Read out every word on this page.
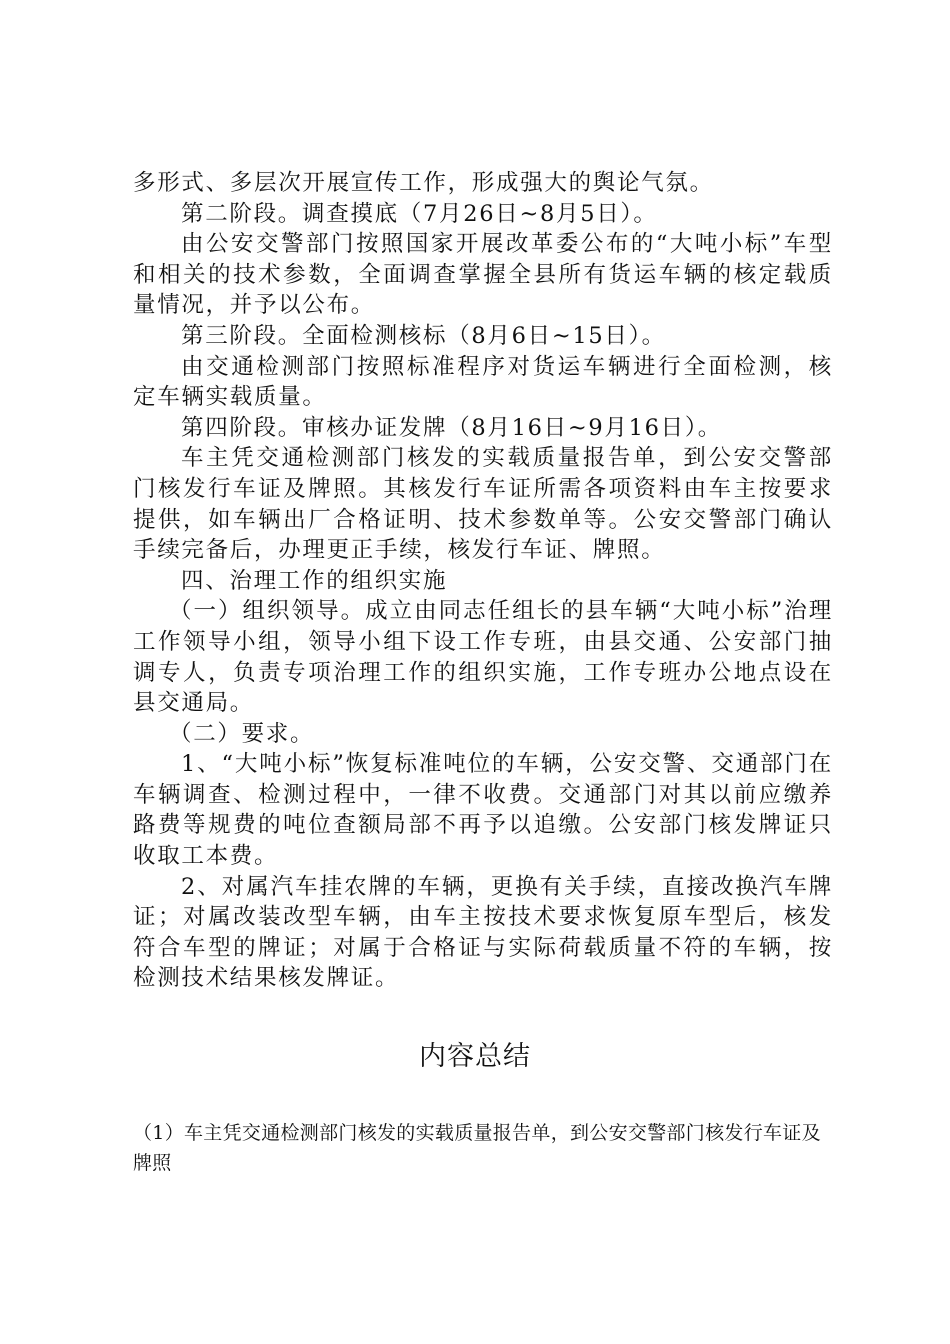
多形式、多层次开展宣传工作，形成强大的舆论气氛。

第二阶段。调查摸底（7月26日~8月5日）。

由公安交警部门按照国家开展改革委公布的“大吨小标”车型和相关的技术参数，全面调查掌握全县所有货运车辆的核定载质量情况，并予以公布。

第三阶段。全面检测核标（8月6日~15日）。

由交通检测部门按照标准程序对货运车辆进行全面检测，核定车辆实载质量。

第四阶段。审核办证发牌（8月16日~9月16日）。

车主凭交通检测部门核发的实载质量报告单，到公安交警部门核发行车证及牌照。其核发行车证所需各项资料由车主按要求提供，如车辆出厂合格证明、技术参数单等。公安交警部门确认手续完备后，办理更正手续，核发行车证、牌照。

四、治理工作的组织实施

（一）组织领导。成立由同志任组长的县车辆“大吨小标”治理工作领导小组，领导小组下设工作专班，由县交通、公安部门抽调专人，负责专项治理工作的组织实施，工作专班办公地点设在县交通局。

（二）要求。

1、“大吨小标”恢复标准吨位的车辆，公安交警、交通部门在车辆调查、检测过程中，一律不收费。交通部门对其以前应缴养路费等规费的吨位查额局部不再予以追缴。公安部门核发牌证只收取工本费。

2、对属汽车挂农牌的车辆，更换有关手续，直接改换汽车牌证；对属改装改型车辆，由车主按技术要求恢复原车型后，核发符合车型的牌证；对属于合格证与实际荷载质量不符的车辆，按检测技术结果核发牌证。

内容总结

（1）车主凭交通检测部门核发的实载质量报告单，到公安交警部门核发行车证及牌照
